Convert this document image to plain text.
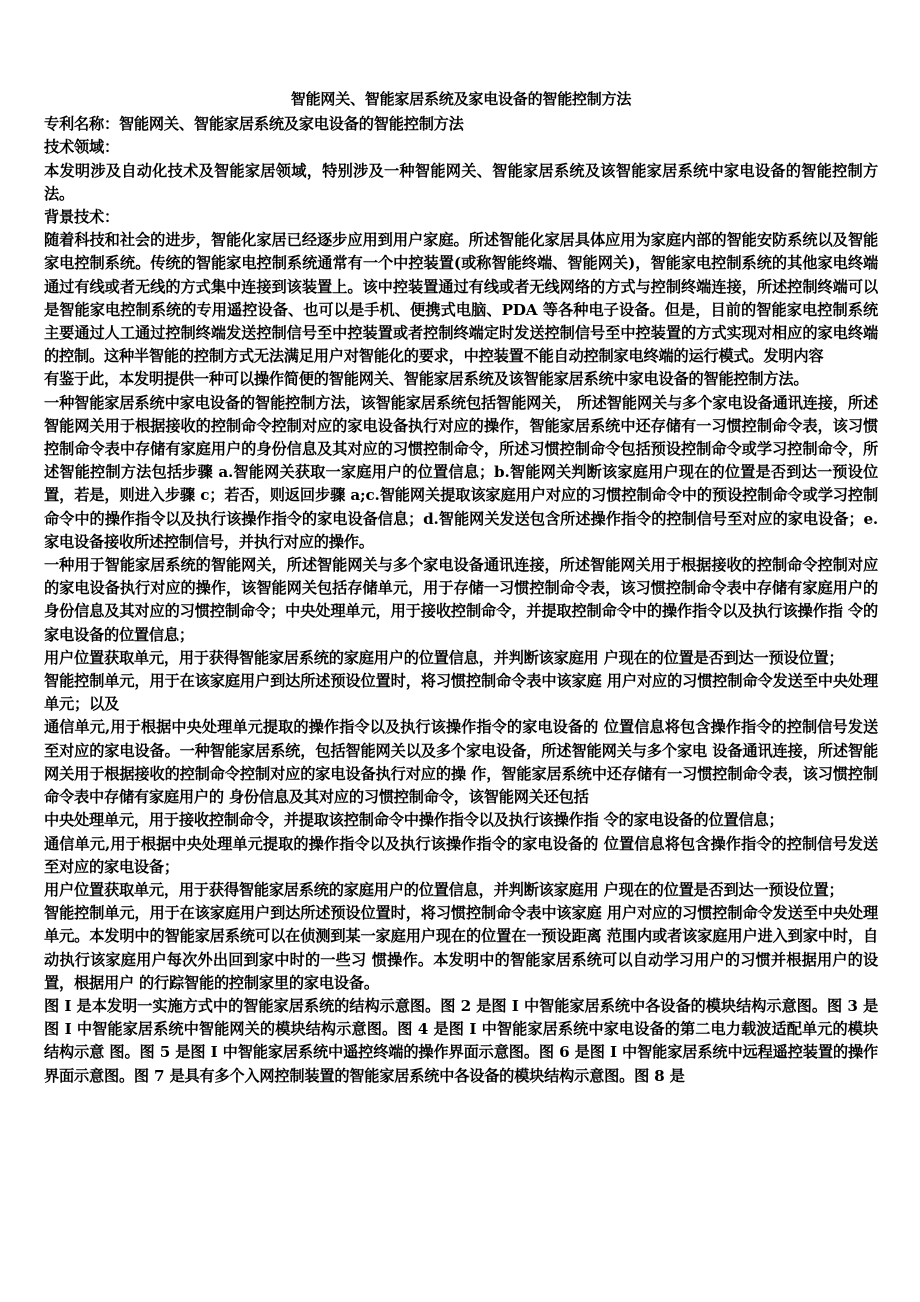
智能网关、智能家居系统及家电设备的智能控制方法

专利名称：智能网关、智能家居系统及家电设备的智能控制方法

技术领域：

本发明涉及自动化技术及智能家居领域，特别涉及一种智能网关、智能家居系统及该智能家居系统中家电设备的智能控制方法。

背景技术：

随着科技和社会的进步，智能化家居已经逐步应用到用户家庭。所述智能化家居具体应用为家庭内部的智能安防系统以及智能家电控制系统。传统的智能家电控制系统通常有一个中控装置(或称智能终端、智能网关)，智能家电控制系统的其他家电终端通过有线或者无线的方式集中连接到该装置上。该中控装置通过有线或者无线网络的方式与控制终端连接，所述控制终端可以是智能家电控制系统的专用遥控设备、也可以是手机、便携式电脑、PDA 等各种电子设备。但是，目前的智能家电控制系统主要通过人工通过控制终端发送控制信号至中控装置或者控制终端定时发送控制信号至中控装置的方式实现对相应的家电终端的控制。这种半智能的控制方式无法满足用户对智能化的要求，中控装置不能自动控制家电终端的运行模式。发明内容

有鉴于此，本发明提供一种可以操作简便的智能网关、智能家居系统及该智能家居系统中家电设备的智能控制方法。

一种智能家居系统中家电设备的智能控制方法，该智能家居系统包括智能网关， 所述智能网关与多个家电设备通讯连接，所述智能网关用于根据接收的控制命令控制对应的家电设备执行对应的操作，智能家居系统中还存储有一习惯控制命令表，该习惯控制命令表中存储有家庭用户的身份信息及其对应的习惯控制命令，所述习惯控制命令包括预设控制命令或学习控制命令，所述智能控制方法包括步骤 a.智能网关获取一家庭用户的位置信息；b.智能网关判断该家庭用户现在的位置是否到达一预设位置，若是，则进入步骤 c；若否，则返回步骤 a;c.智能网关提取该家庭用户对应的习惯控制命令中的预设控制命令或学习控制命令中的操作指令以及执行该操作指令的家电设备信息；d.智能网关发送包含所述操作指令的控制信号至对应的家电设备；e.家电设备接收所述控制信号，并执行对应的操作。

一种用于智能家居系统的智能网关，所述智能网关与多个家电设备通讯连接，所述智能网关用于根据接收的控制命令控制对应的家电设备执行对应的操作，该智能网关包括存储单元，用于存储一习惯控制命令表，该习惯控制命令表中存储有家庭用户的身份信息及其对应的习惯控制命令；中央处理单元，用于接收控制命令，并提取控制命令中的操作指令以及执行该操作指 令的家电设备的位置信息；

用户位置获取单元，用于获得智能家居系统的家庭用户的位置信息，并判断该家庭用 户现在的位置是否到达一预设位置；

智能控制单元，用于在该家庭用户到达所述预设位置时，将习惯控制命令表中该家庭 用户对应的习惯控制命令发送至中央处理单元；以及

通信单元,用于根据中央处理单元提取的操作指令以及执行该操作指令的家电设备的 位置信息将包含操作指令的控制信号发送至对应的家电设备。一种智能家居系统，包括智能网关以及多个家电设备，所述智能网关与多个家电 设备通讯连接，所述智能网关用于根据接收的控制命令控制对应的家电设备执行对应的操 作，智能家居系统中还存储有一习惯控制命令表，该习惯控制命令表中存储有家庭用户的 身份信息及其对应的习惯控制命令，该智能网关还包括

中央处理单元，用于接收控制命令，并提取该控制命令中操作指令以及执行该操作指 令的家电设备的位置信息；

通信单元,用于根据中央处理单元提取的操作指令以及执行该操作指令的家电设备的 位置信息将包含操作指令的控制信号发送至对应的家电设备；

用户位置获取单元，用于获得智能家居系统的家庭用户的位置信息，并判断该家庭用 户现在的位置是否到达一预设位置；

智能控制单元，用于在该家庭用户到达所述预设位置时，将习惯控制命令表中该家庭 用户对应的习惯控制命令发送至中央处理单元。本发明中的智能家居系统可以在侦测到某一家庭用户现在的位置在一预设距离 范围内或者该家庭用户进入到家中时，自动执行该家庭用户每次外出回到家中时的一些习 惯操作。本发明中的智能家居系统可以自动学习用户的习惯并根据用户的设置，根据用户 的行踪智能的控制家里的家电设备。

图 I 是本发明一实施方式中的智能家居系统的结构示意图。图 2 是图 I 中智能家居系统中各设备的模块结构示意图。图 3 是图 I 中智能家居系统中智能网关的模块结构示意图。图 4 是图 I 中智能家居系统中家电设备的第二电力载波适配单元的模块结构示意 图。图 5 是图 I 中智能家居系统中遥控终端的操作界面示意图。图 6 是图 I 中智能家居系统中远程遥控装置的操作界面示意图。图 7 是具有多个入网控制装置的智能家居系统中各设备的模块结构示意图。图 8 是
